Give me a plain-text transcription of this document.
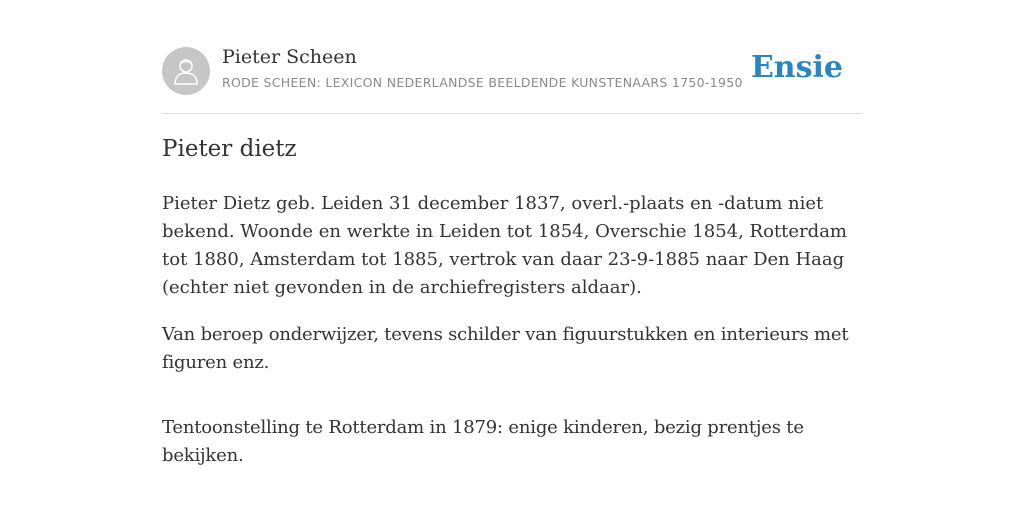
Pieter Scheen
RODE SCHEEN: LEXICON NEDERLANDSE BEELDENDE KUNSTENAARS 1750-1950 Ensie
Pieter dietz

Pieter Dietz geb. Leiden 31 december 1837, overl.-plaats en -datum niet bekend. Woonde en werkte in Leiden tot 1854, Overschie 1854, Rotterdam tot 1880, Amsterdam tot 1885, vertrok van daar 23-9-1885 naar Den Haag (echter niet gevonden in de archiefregisters aldaar).

Van beroep onderwijzer, tevens schilder van figuurstukken en interieurs met figuren enz.

Tentoonstelling te Rotterdam in 1879: enige kinderen, bezig prentjes te bekijken.
